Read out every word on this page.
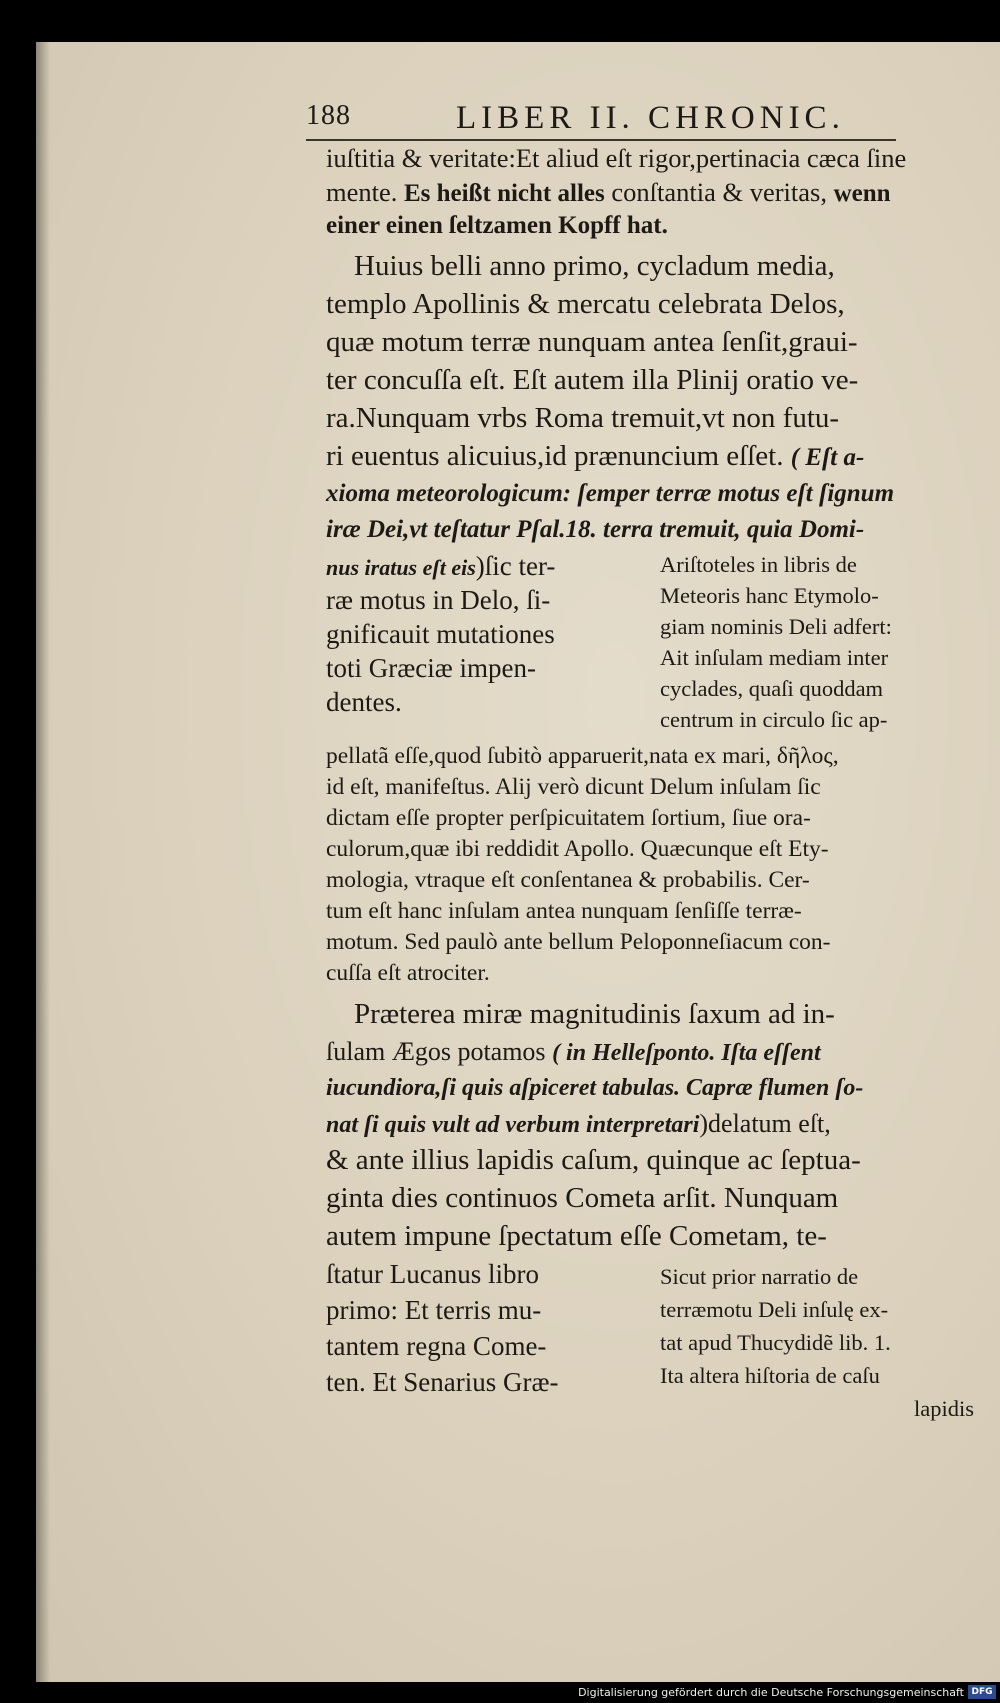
188	LIBER II. CHRONIC.
iuſtitia & veritate:Et aliud eſt rigor,pertinacia cæca ſine
mente. Es heißt nicht alles conſtantia & veritas, wenn
einer einen ſeltzamen Kopff hat.
Huius belli anno primo, cycladum media,
templo Apollinis & mercatu celebrata Delos,
quæ motum terræ nunquam antea ſenſit,graui-
ter concuſſa eſt. Eſt autem illa Plinij oratio ve-
ra.Nunquam vrbs Roma tremuit,vt non futu-
ri euentus alicuius,id prænuncium eſſet. ( Eſt a-
xioma meteorologicum: ſemper terræ motus eſt ſignum
iræ Dei,vt teſtatur Pſal.18. terra tremuit, quia Domi-
nus iratus eſt eis)ſic ter-
ræ motus in Delo, ſi-
gnificauit mutationes
toti Græciæ impen-
dentes.
Ariſtoteles in libris de
Meteoris hanc Etymolo-
giam nominis Deli adfert:
Ait inſulam mediam inter
cyclades, quaſi quoddam
centrum in circulo ſic ap-
pellatã eſſe,quod ſubitò apparuerit,nata ex mari, δῆλος,
id eſt, manifeſtus. Alij verò dicunt Delum inſulam ſic
dictam eſſe propter perſpicuitatem ſortium, ſiue ora-
culorum,quæ ibi reddidit Apollo. Quæcunque eſt Ety-
mologia, vtraque eſt conſentanea & probabilis. Cer-
tum eſt hanc inſulam antea nunquam ſenſiſſe terræ-
motum. Sed paulò ante bellum Peloponneſiacum con-
cuſſa eſt atrociter.
Præterea miræ magnitudinis ſaxum ad in-
ſulam Ægos potamos ( in Helleſponto. Iſta eſſent
iucundiora,ſi quis aſpiceret tabulas. Capræ flumen ſo-
nat ſi quis vult ad verbum interpretari)delatum eſt,
& ante illius lapidis caſum, quinque ac ſeptua-
ginta dies continuos Cometa arſit. Nunquam
autem impune ſpectatum eſſe Cometam, te-
ſtatur Lucanus libro
primo: Et terris mu-
tantem regna Come-
ten. Et Senarius Græ-
Sicut prior narratio de
terræmotu Deli inſulę ex-
tat apud Thucydidẽ lib. 1.
Ita altera hiſtoria de caſu
lapidis
Digitalisierung gefördert durch die Deutsche Forschungsgemeinschaft DFG
